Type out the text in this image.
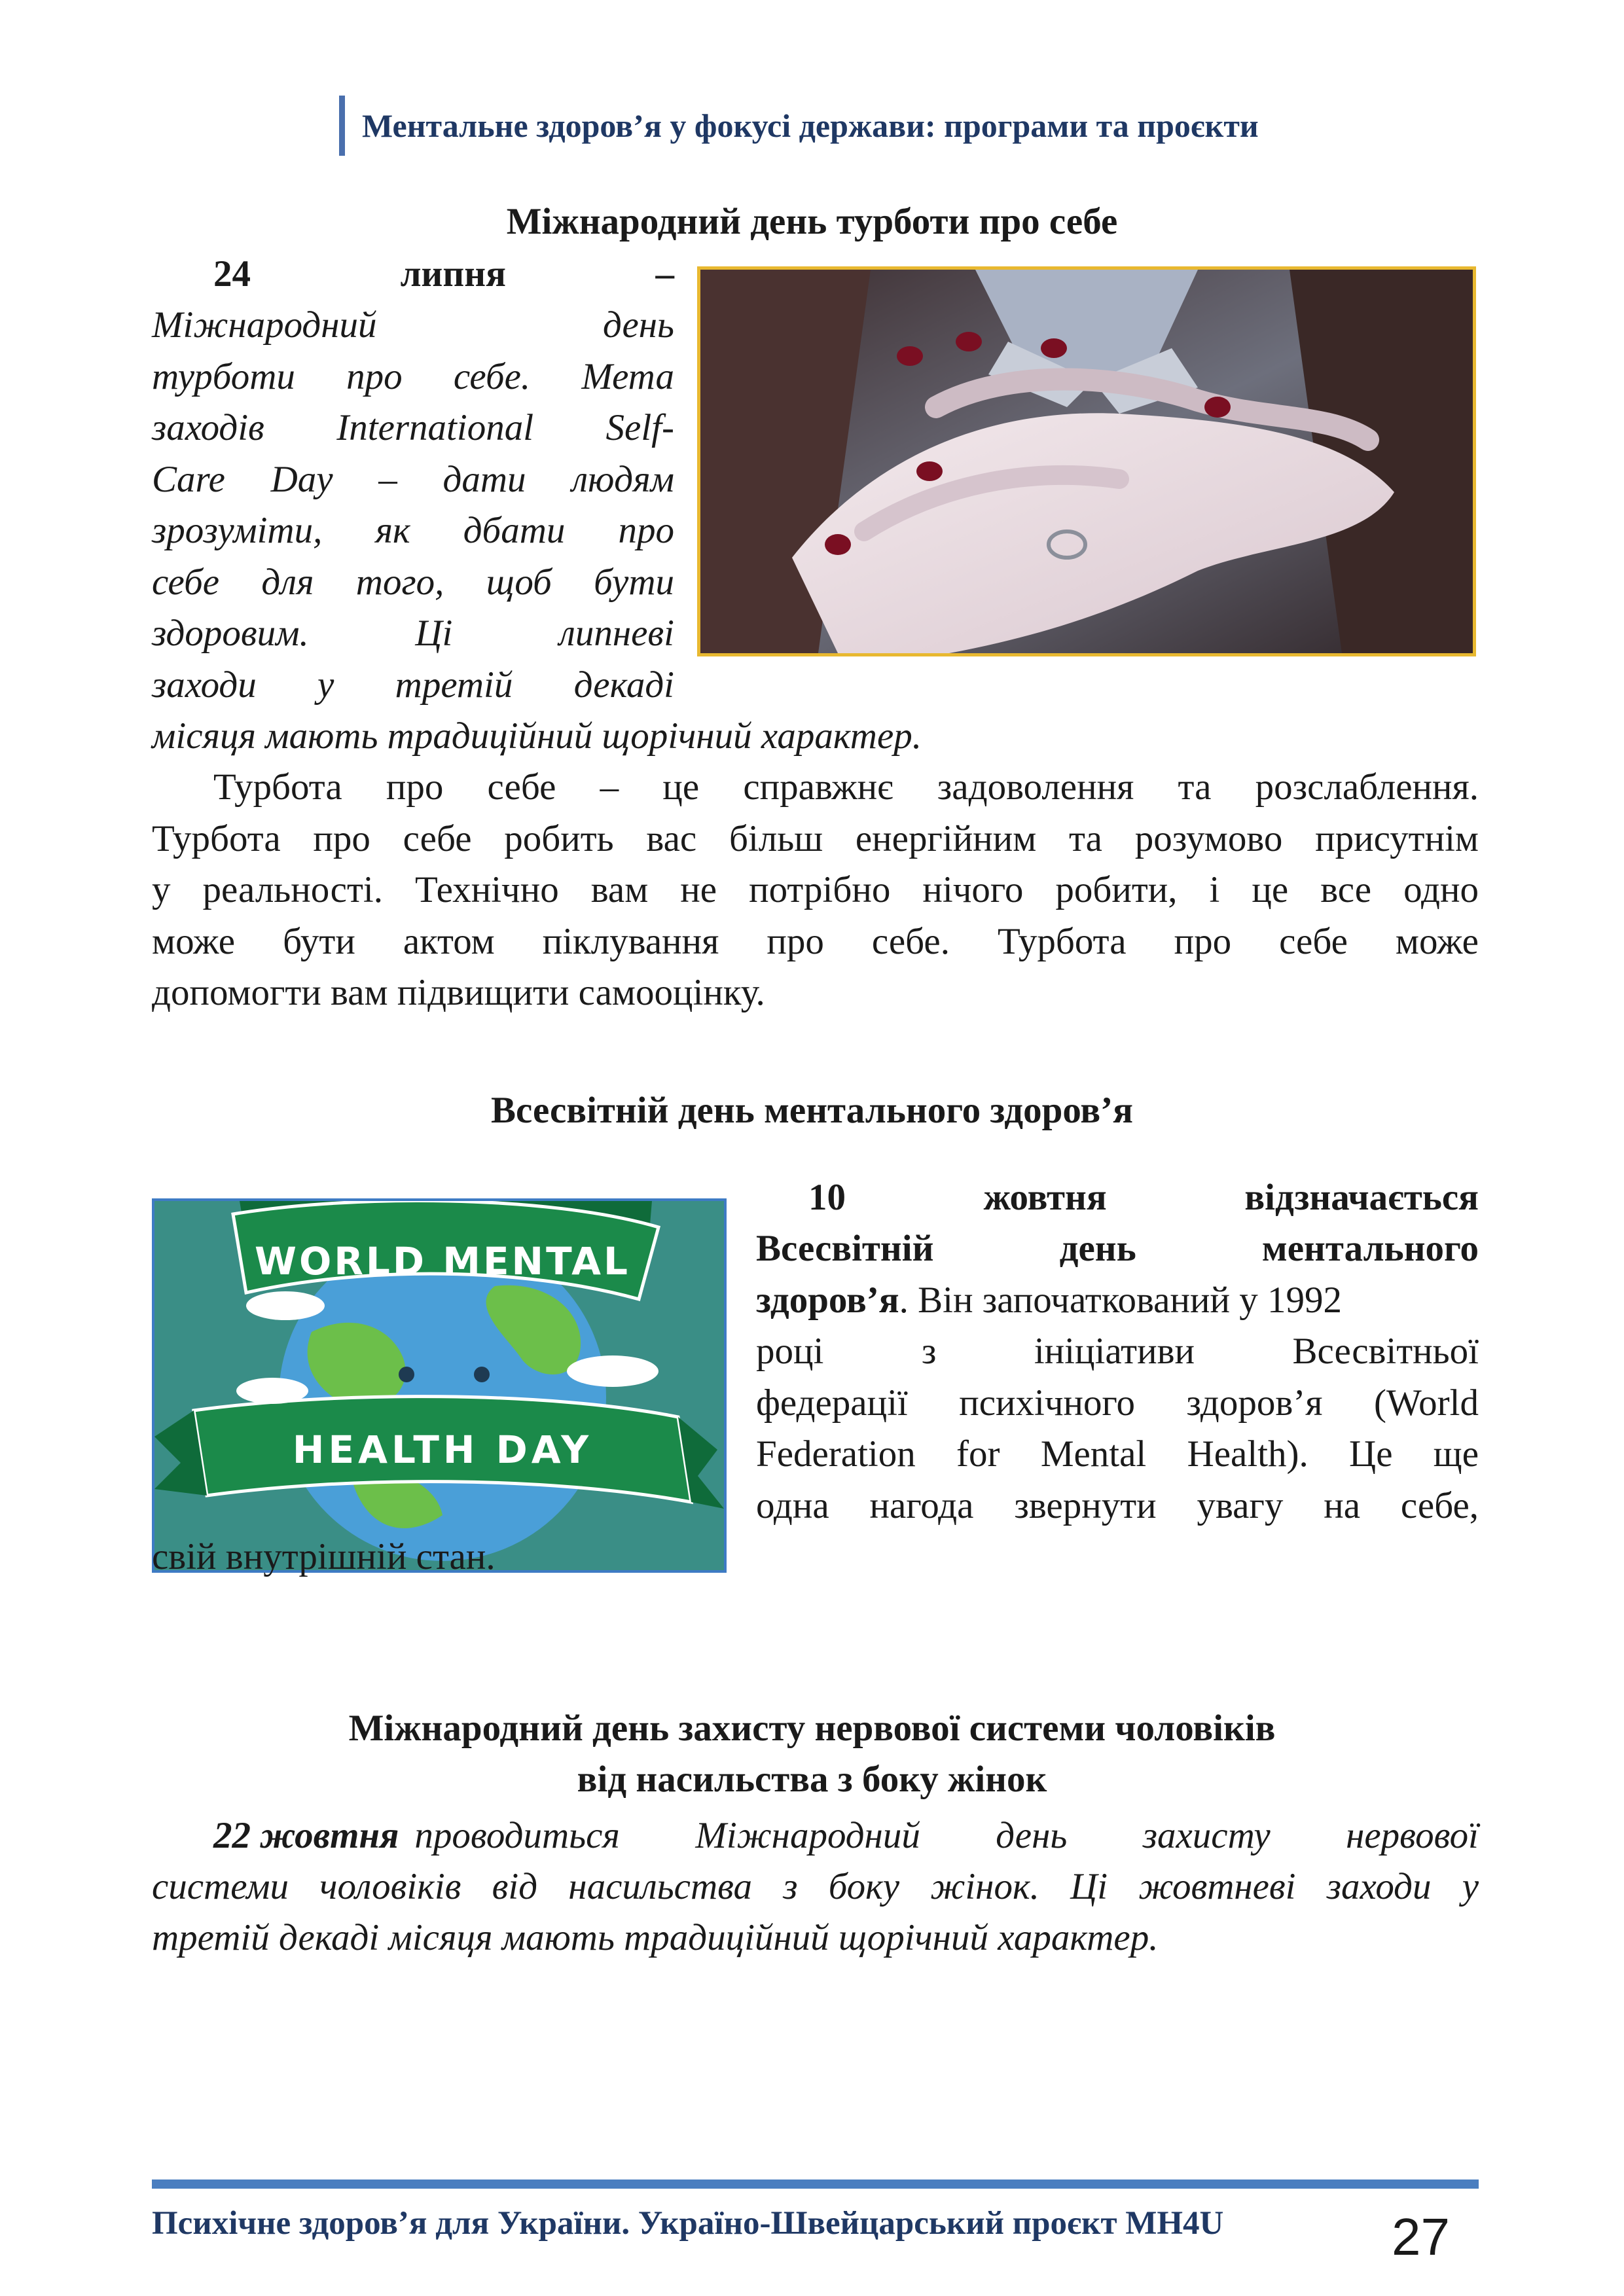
Ментальне здоров’я у фокусі держави: програми та проєкти
Міжнародний день турботи про себе
24 липня –
Міжнародний день
турботи про себе. Мета
заходів International Self-
Care Day – дати людям
зрозуміти, як дбати про
себе для того, щоб бути
здоровим. Ці липневі
заходи у третій декаді
місяця мають традиційний щорічний характер.
Турбота про себе – це справжнє задоволення та розслаблення.
Турбота про себе робить вас більш енергійним та розумово присутнім
у реальності. Технічно вам не потрібно нічого робити, і це все одно
може бути актом піклування про себе. Турбота про себе може
допомогти вам підвищити самооцінку.
Всесвітній день ментального здоров’я
WORLD MENTAL
HEALTH DAY
10 жовтня відзначається
Всесвітній день ментального
здоров’я. Він започаткований у 1992
році з ініціативи Всесвітньої
федерації психічного здоров’я (World
Federation for Mental Health). Це ще
одна нагода звернути увагу на себе,
свій внутрішній стан.
Міжнародний день захисту нервової системи чоловіків
від насильства з боку жінок
22 жовтня проводиться Міжнародний день захисту нервової
системи чоловіків від насильства з боку жінок. Ці жовтневі заходи у
третій декаді місяця мають традиційний щорічний характер.
Психічне здоров’я для України. Україно-Швейцарський проєкт MH4U	27
